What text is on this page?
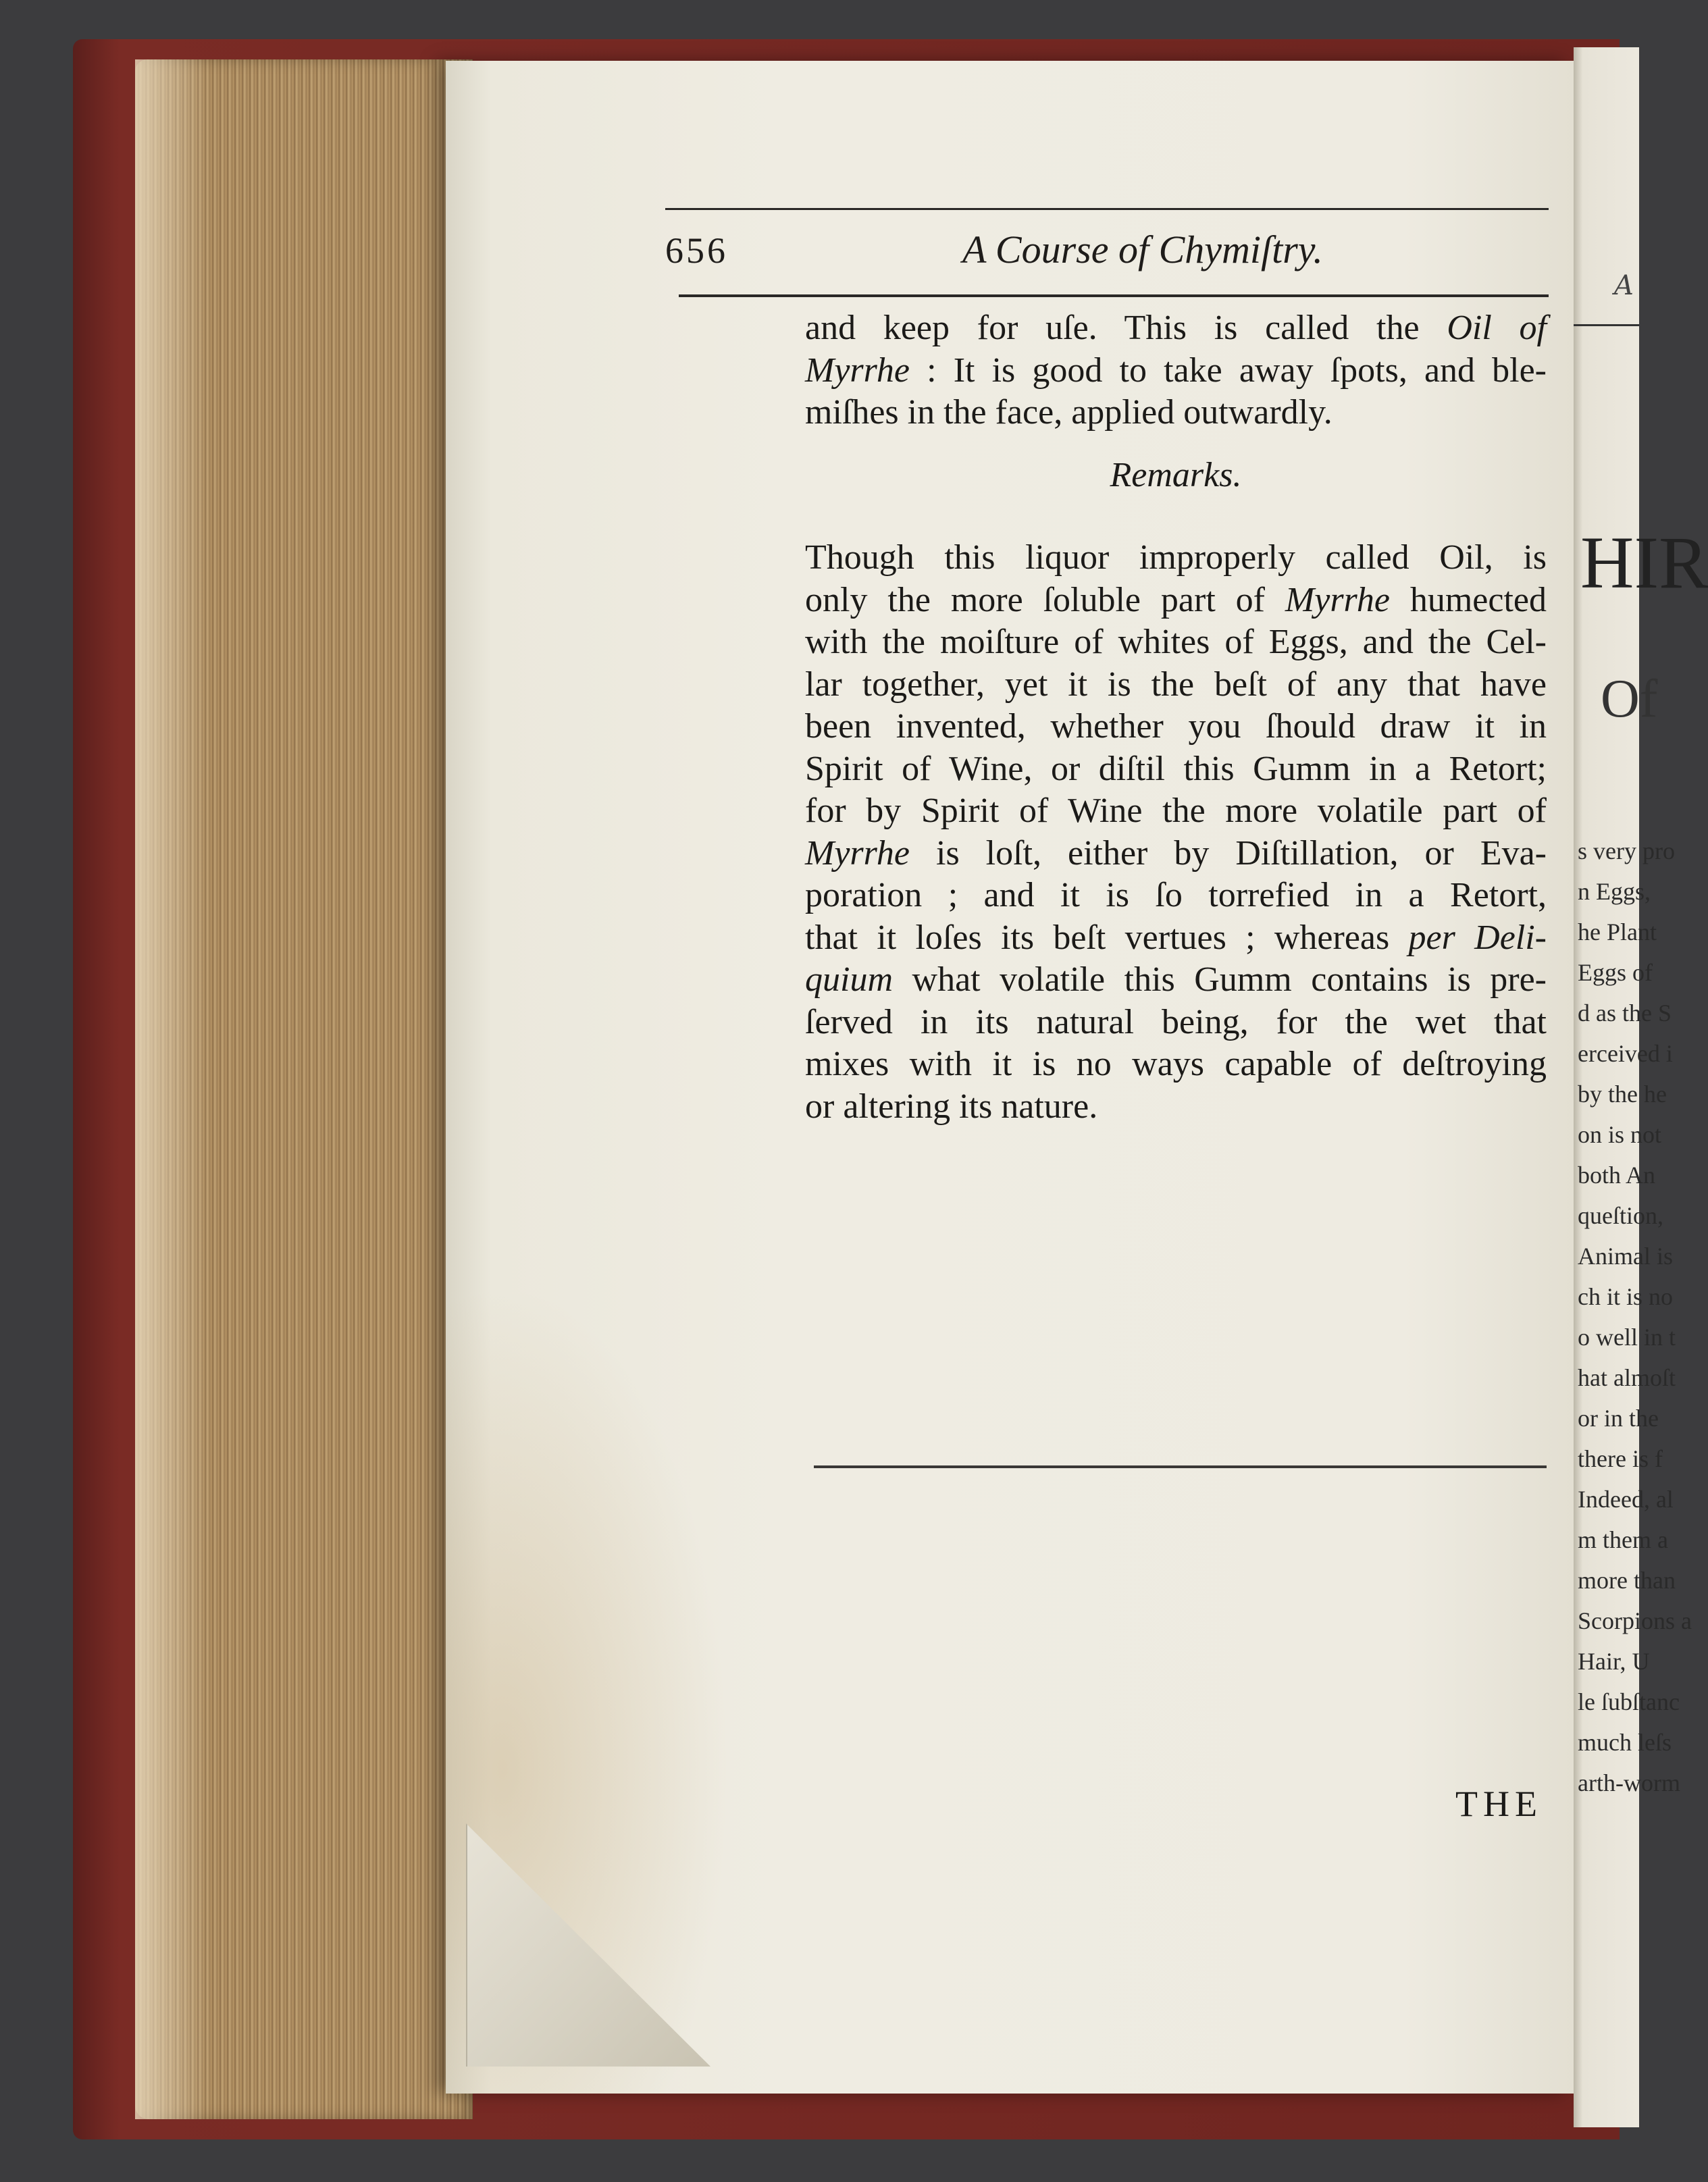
A
HIR
Of
s very pro
n Eggs,
he Plant
Eggs of
d as the S
erceived i
by the he
on is not
both An
queſtion,
Animal is
ch it is no
o well in t
hat almoſt
or in the
there is f
Indeed, al
m them a
more than
Scorpions a
Hair, U
le ſubſtanc
much leſs
arth-worm
656	A Course of Chymiſtry.
and keep for uſe. This is called the Oil of
Myrrhe : It is good to take away ſpots, and ble-
miſhes in the face, applied outwardly.
Remarks.
Though this liquor improperly called Oil, is
only the more ſoluble part of Myrrhe humected
with the moiſture of whites of Eggs, and the Cel-
lar together, yet it is the beſt of any that have
been invented, whether you ſhould draw it in
Spirit of Wine, or diſtil this Gumm in a Retort;
for by Spirit of Wine the more volatile part of
Myrrhe is loſt, either by Diſtillation, or Eva-
poration ; and it is ſo torrefied in a Retort,
that it loſes its beſt vertues ; whereas per Deli-
quium what volatile this Gumm contains is pre-
ſerved in its natural being, for the wet that
mixes with it is no ways capable of deſtroying
or altering its nature.
THE
